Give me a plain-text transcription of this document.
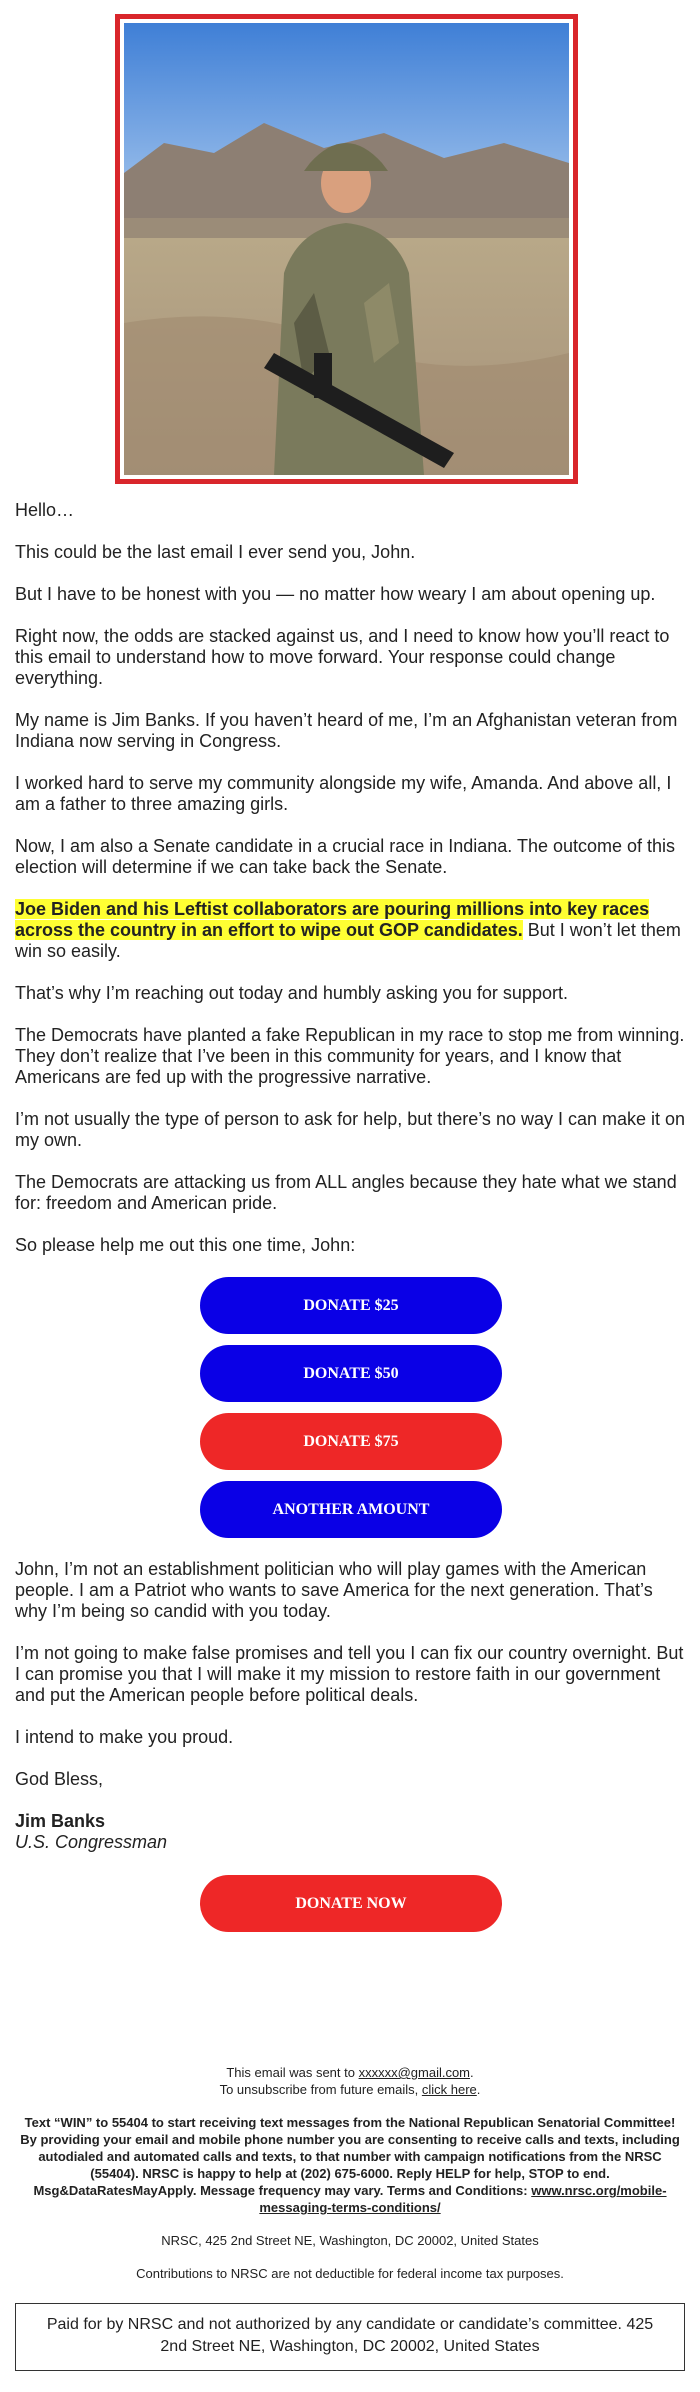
Hello…

This could be the last email I ever send you, John.

But I have to be honest with you — no matter how weary I am about opening up.

Right now, the odds are stacked against us, and I need to know how you’ll react to this email to understand how to move forward. Your response could change everything.

My name is Jim Banks. If you haven’t heard of me, I’m an Afghanistan veteran from Indiana now serving in Congress.

I worked hard to serve my community alongside my wife, Amanda. And above all, I am a father to three amazing girls.

Now, I am also a Senate candidate in a crucial race in Indiana. The outcome of this election will determine if we can take back the Senate.

Joe Biden and his Leftist collaborators are pouring millions into key races across the country in an effort to wipe out GOP candidates. But I won’t let them win so easily.

That’s why I’m reaching out today and humbly asking you for support.

The Democrats have planted a fake Republican in my race to stop me from winning. They don’t realize that I’ve been in this community for years, and I know that Americans are fed up with the progressive narrative.

I’m not usually the type of person to ask for help, but there’s no way I can make it on my own.

The Democrats are attacking us from ALL angles because they hate what we stand for: freedom and American pride.

So please help me out this one time, John:

DONATE $25
DONATE $50
DONATE $75
ANOTHER AMOUNT

John, I’m not an establishment politician who will play games with the American people. I am a Patriot who wants to save America for the next generation. That’s why I’m being so candid with you today.

I’m not going to make false promises and tell you I can fix our country overnight. But I can promise you that I will make it my mission to restore faith in our government and put the American people before political deals.

I intend to make you proud.

God Bless,

Jim Banks
U.S. Congressman

DONATE NOW

This email was sent to xxxxxx@gmail.com.

To unsubscribe from future emails, click here.

Text “WIN” to 55404 to start receiving text messages from the National Republican Senatorial Committee! By providing your email and mobile phone number you are consenting to receive calls and texts, including autodialed and automated calls and texts, to that number with campaign notifications from the NRSC (55404). NRSC is happy to help at (202) 675-6000. Reply HELP for help, STOP to end. Msg&DataRatesMayApply. Message frequency may vary. Terms and Conditions: www.nrsc.org/mobile-messaging-terms-conditions/

NRSC, 425 2nd Street NE, Washington, DC 20002, United States

Contributions to NRSC are not deductible for federal income tax purposes.

Paid for by NRSC and not authorized by any candidate or candidate’s committee. 425 2nd Street NE, Washington, DC 20002, United States
